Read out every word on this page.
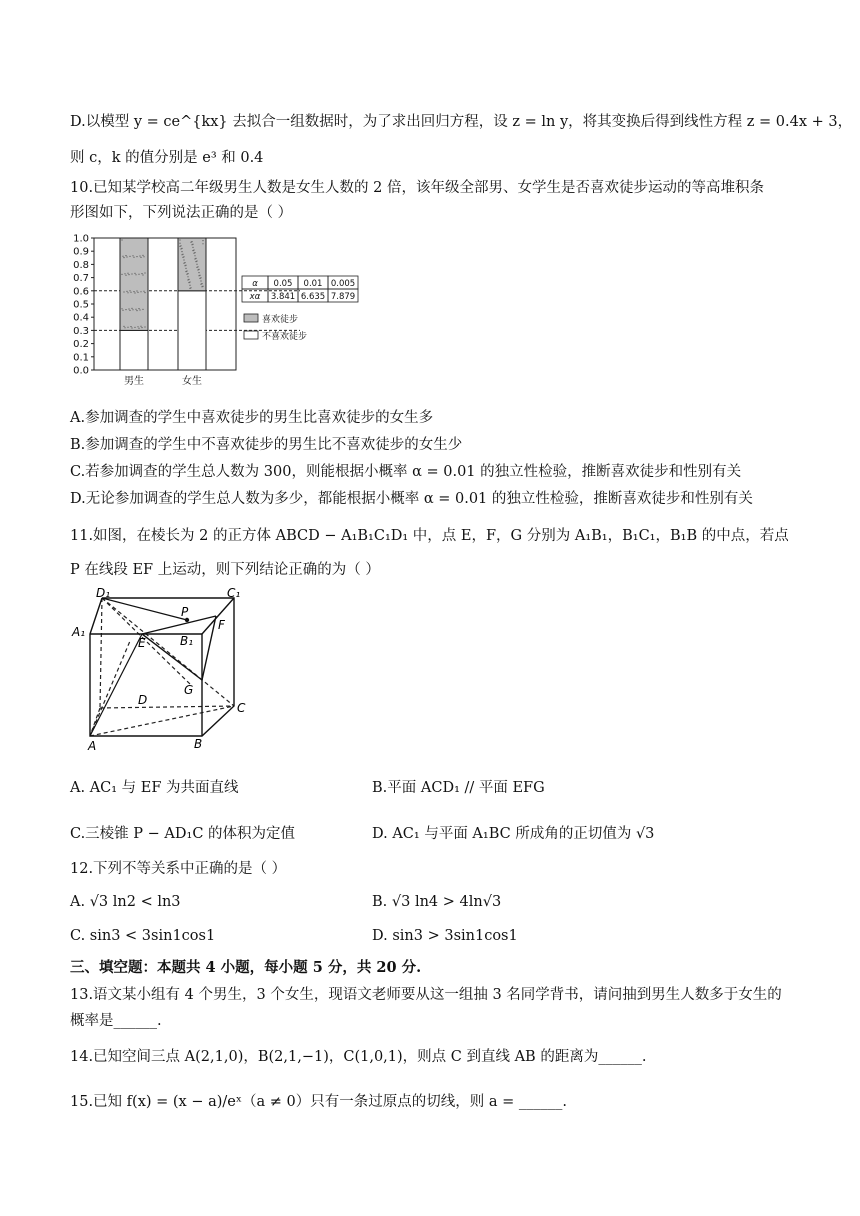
D.以模型 y = ce^{kx} 去拟合一组数据时，为了求出回归方程，设 z = ln y，将其变换后得到线性方程 z = 0.4x + 3，
则 c，k 的值分别是 e³ 和 0.4
10.已知某学校高二年级男生人数是女生人数的 2 倍，该年级全部男、女学生是否喜欢徒步运动的等高堆积条
形图如下，下列说法正确的是（ ）
0.0
0.1
0.2
0.3
0.4
0.5
0.6
0.7
0.8
0.9
1.0
男生	女生
喜欢徒步
不喜欢徒步
α 0.05 0.01 0.005
xα 3.841 6.635 7.879
A.参加调查的学生中喜欢徒步的男生比喜欢徒步的女生多
B.参加调查的学生中不喜欢徒步的男生比不喜欢徒步的女生少
C.若参加调查的学生总人数为 300，则能根据小概率 α = 0.01 的独立性检验，推断喜欢徒步和性别有关
D.无论参加调查的学生总人数为多少，都能根据小概率 α = 0.01 的独立性检验，推断喜欢徒步和性别有关
11.如图，在棱长为 2 的正方体 ABCD − A₁B₁C₁D₁ 中，点 E，F，G 分别为 A₁B₁，B₁C₁，B₁B 的中点，若点
P 在线段 EF 上运动，则下列结论正确的为（ ）
D₁	C₁
A₁
B₁
P
E
F
G
D
C
A	B
A. AC₁ 与 EF 为共面直线	B.平面 ACD₁ // 平面 EFG
C.三棱锥 P − AD₁C 的体积为定值	D. AC₁ 与平面 A₁BC 所成角的正切值为 √3
12.下列不等关系中正确的是（ ）
A. √3 ln2 < ln3	B. √3 ln4 > 4ln√3
C. sin3 < 3sin1cos1	D. sin3 > 3sin1cos1
三、填空题：本题共 4 小题，每小题 5 分，共 20 分.
13.语文某小组有 4 个男生，3 个女生，现语文老师要从这一组抽 3 名同学背书，请问抽到男生人数多于女生的
概率是______.
14.已知空间三点 A(2,1,0)，B(2,1,−1)，C(1,0,1)，则点 C 到直线 AB 的距离为______.
15.已知 f(x) = (x − a)/eˣ（a ≠ 0）只有一条过原点的切线，则 a = ______.
